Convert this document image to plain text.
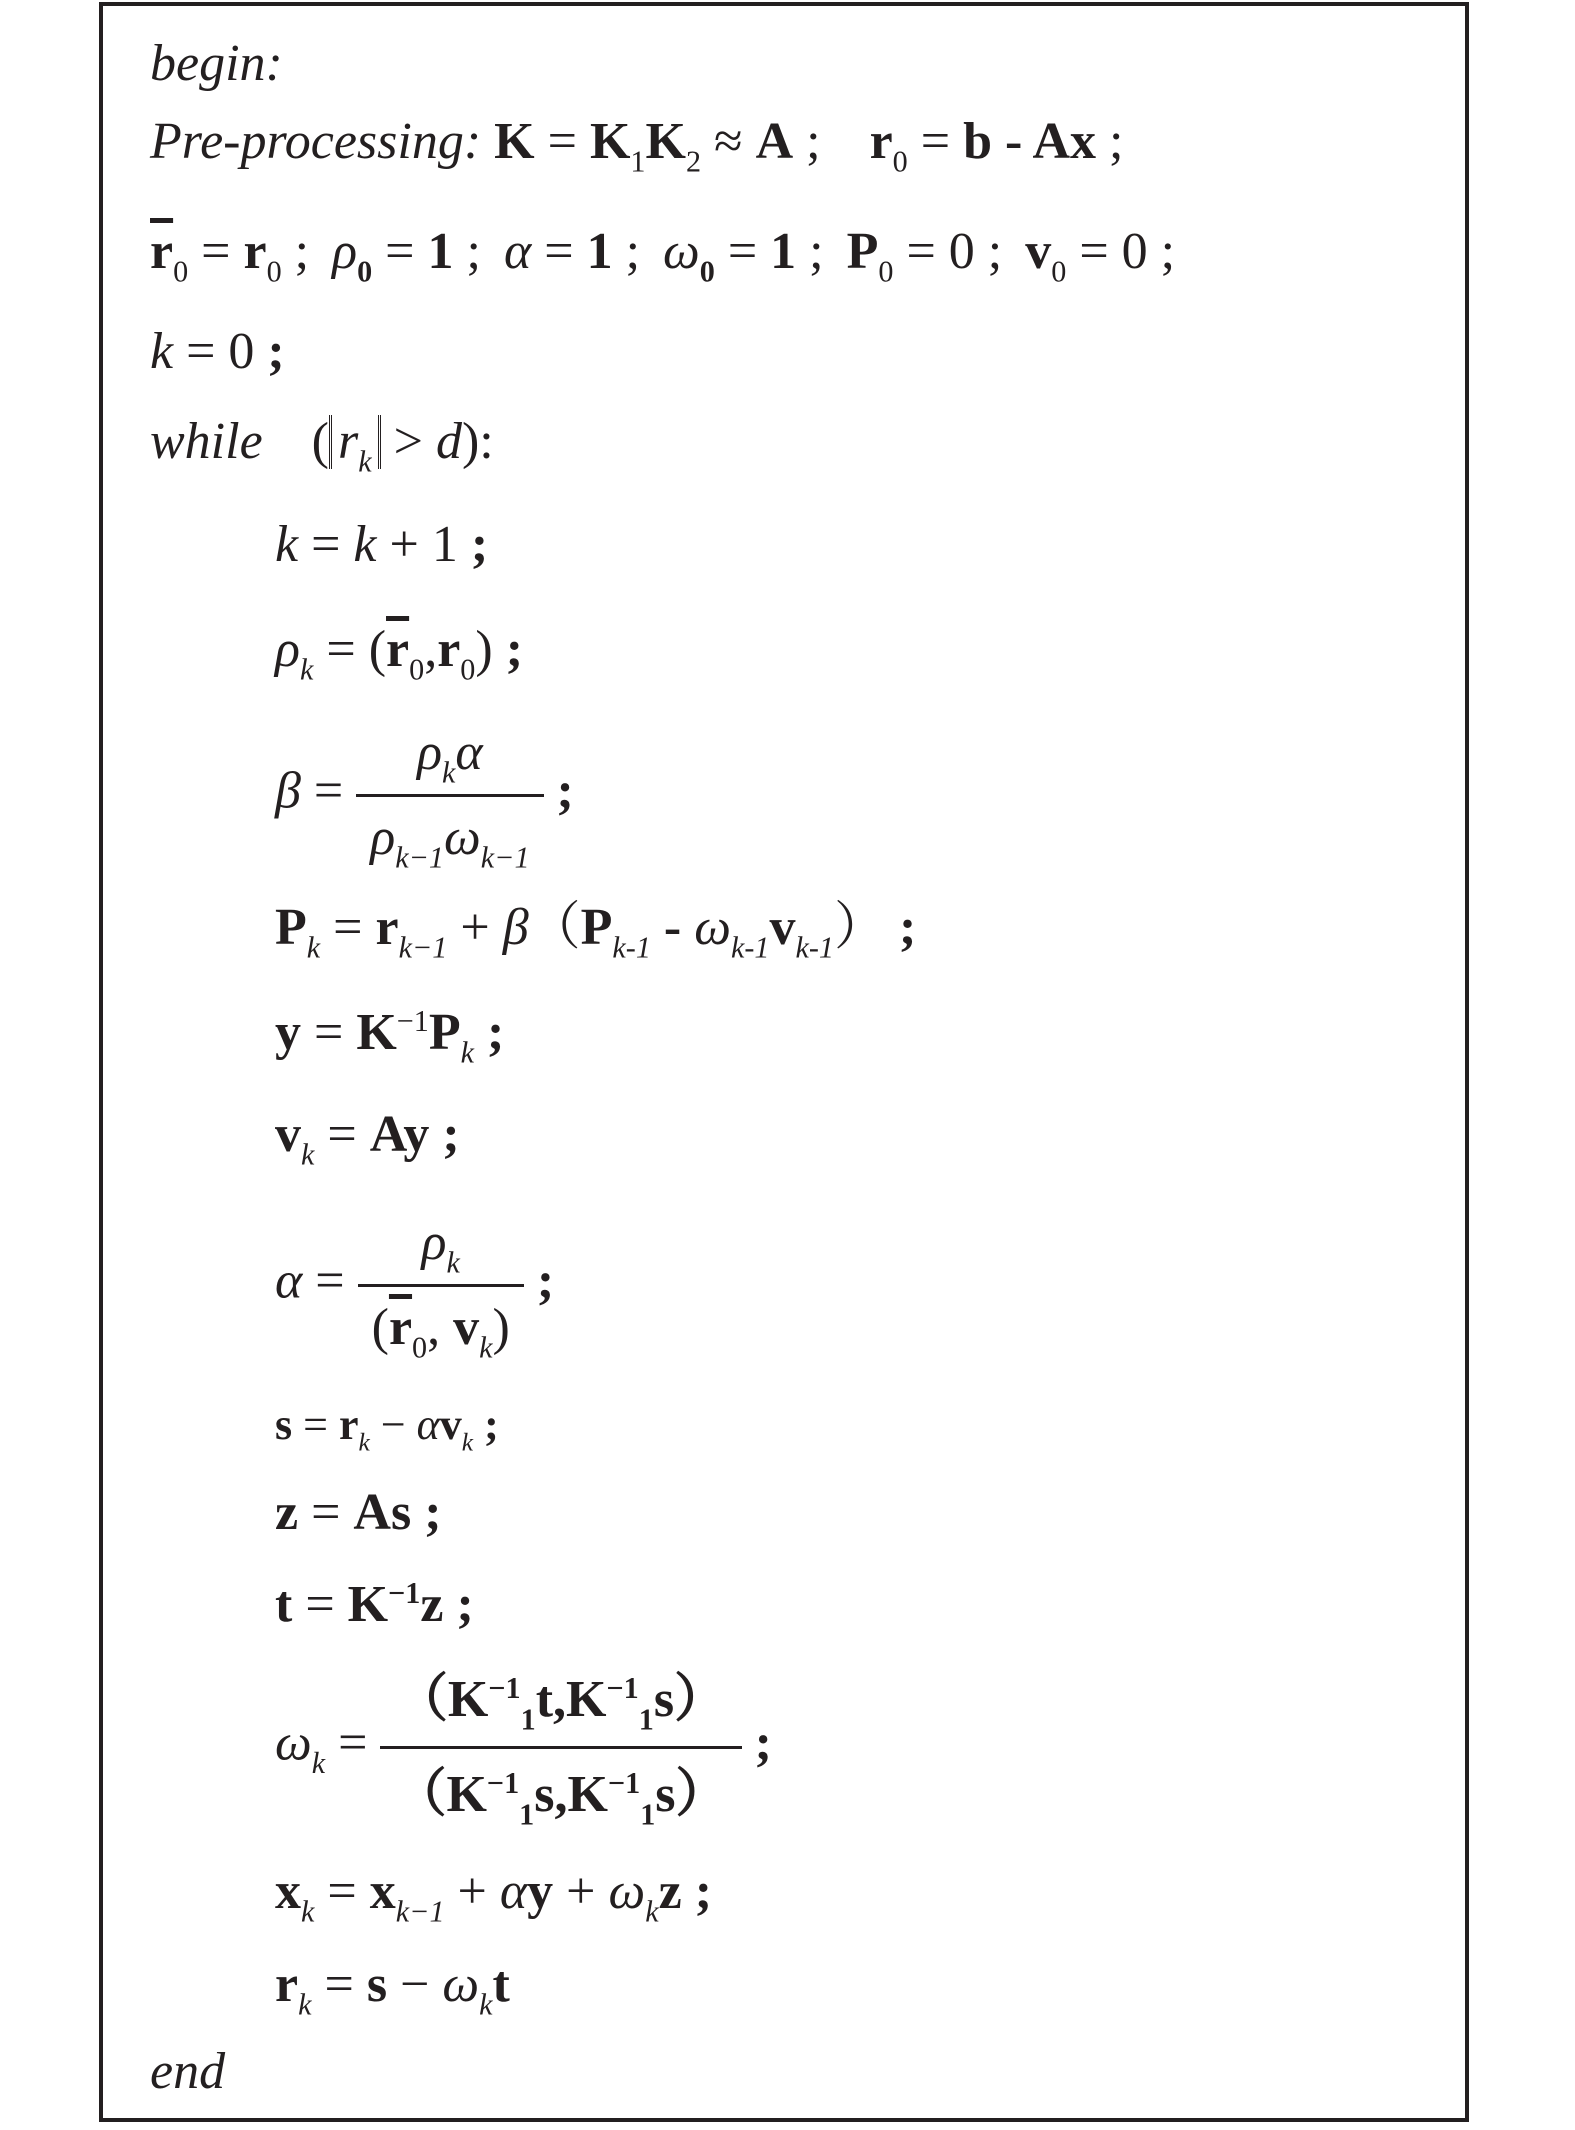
begin:
Pre-processing: $K = K_1K_2 \approx A$ ; $r_0 = b - Ax$ ;
$\overline{r}_0 = r_0$ ; $\rho_0 = 1$ ; α = 1 ; $\omega_0 = 1$ ; $P_0 = 0$ ; $v_0 = 0$ ;
k = 0 ;
while ( $r_k > d$):
k = k + 1 ;
$\rho_k = (\overline{r}_0,r_0)$ ;
$\beta = \frac{\rho_k\alpha}{\rho_{k-1}\omega_{k-1}}$ ;
$P_k = r_{k-1} + \beta(P_{k-1} - \omega_{k-1}v_{k-1})$ ;
$y = K^{-1}P_k$ ;
$v_k = Ay$ ;
$\alpha = \frac{\rho_k}{(\overline{r}_0, v_k)}$ ;
$s = r_k - \alpha v_k$ ;
z = As ;
$t = K^{-1}z$ ;
$\omega_k = \frac{(K^{-1}_1t,K^{-1}_1s)}{(K^{-1}_1s,K^{-1}_1s)}$ ;
$x_k = x_{k-1} + \alpha y + \omega_kz$ ;
$r_k = s - \omega_kt$
end
